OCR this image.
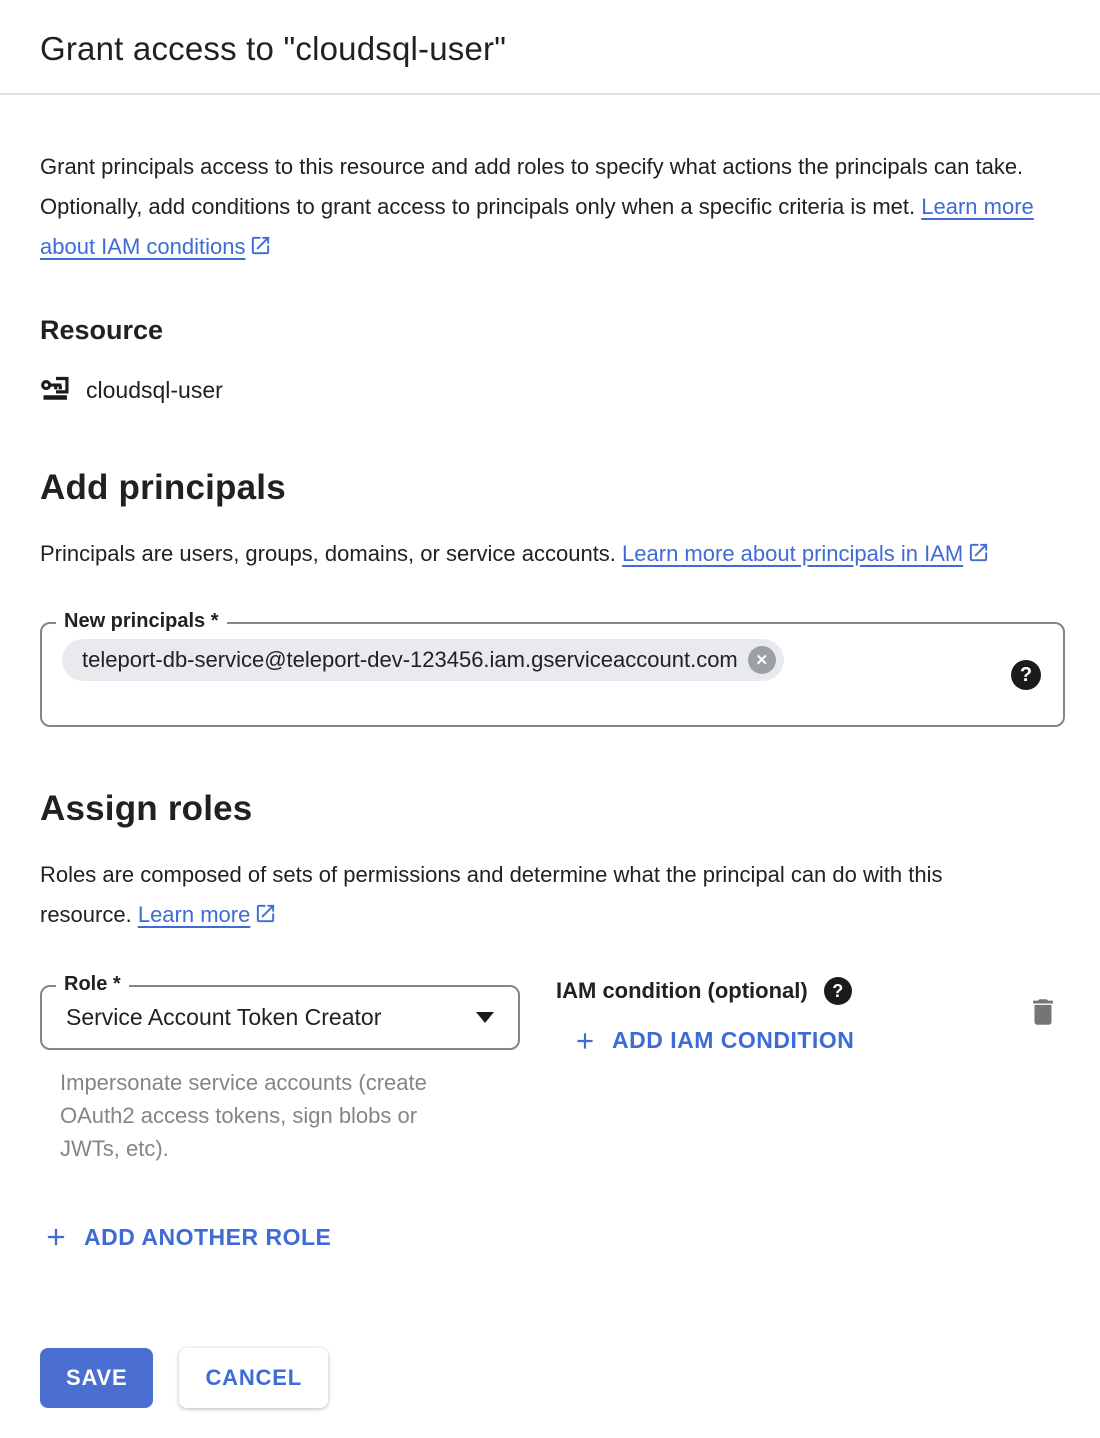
Grant access to "cloudsql-user"

Grant principals access to this resource and add roles to specify what actions the principals can take. Optionally, add conditions to grant access to principals only when a specific criteria is met. Learn more about IAM conditions

Resource
cloudsql-user
Add principals

Principals are users, groups, domains, or service accounts. Learn more about principals in IAM

New principals *
teleport-db-service@teleport-dev-123456.iam.gserviceaccount.com ✕
?
Assign roles

Roles are composed of sets of permissions and determine what the principal can do with this resource. Learn more

Role *
Service Account Token Creator

Impersonate service accounts (create OAuth2 access tokens, sign blobs or JWTs, etc).

IAM condition (optional) ?
ADD IAM CONDITION
ADD ANOTHER ROLE
SAVE	CANCEL
